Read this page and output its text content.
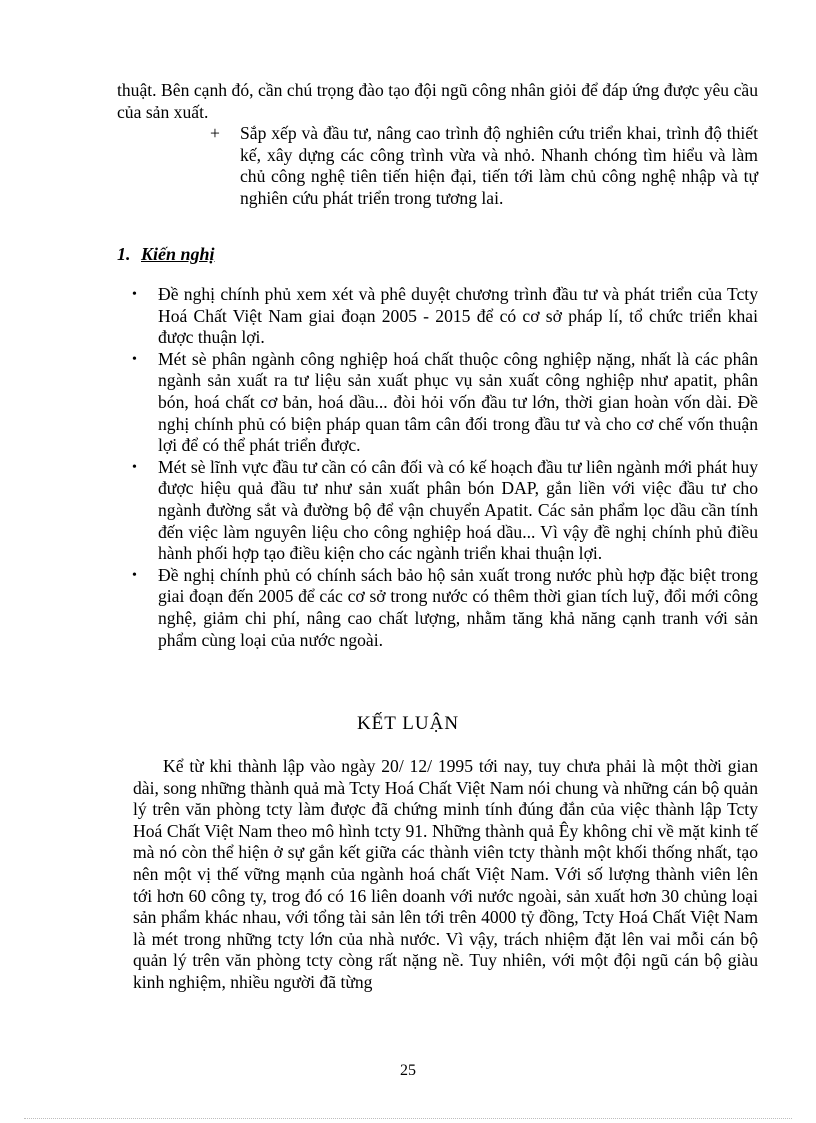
thuật. Bên cạnh đó, cần chú trọng đào tạo đội ngũ công nhân giỏi để đáp ứng được yêu cầu của sản xuất.

+ Sắp xếp và đầu tư, nâng cao trình độ nghiên cứu triển khai, trình độ thiết kế, xây dựng các công trình vừa và nhỏ. Nhanh chóng tìm hiểu và làm chủ công nghệ tiên tiến hiện đại, tiến tới làm chủ công nghệ nhập và tự nghiên cứu phát triển trong tương lai.

1. Kiến nghị
• Đề nghị chính phủ xem xét và phê duyệt chương trình đầu tư và phát triển của Tcty Hoá Chất Việt Nam giai đoạn 2005 - 2015 để có cơ sở pháp lí, tổ chức triển khai được thuận lợi.
• Mét sè phân ngành công nghiệp hoá chất thuộc công nghiệp nặng, nhất là các phân ngành sản xuất ra tư liệu sản xuất phục vụ sản xuất công nghiệp như apatit, phân bón, hoá chất cơ bản, hoá dầu... đòi hỏi vốn đầu tư lớn, thời gian hoàn vốn dài. Đề nghị chính phủ có biện pháp quan tâm cân đối trong đầu tư và cho cơ chế vốn thuận lợi để có thể phát triển được.
• Mét sè lĩnh vực đầu tư cần có cân đối và có kế hoạch đầu tư liên ngành mới phát huy được hiệu quả đầu tư như sản xuất phân bón DAP, gắn liền với việc đầu tư cho ngành đường sắt và đường bộ để vận chuyển Apatit. Các sản phẩm lọc dầu cần tính đến việc làm nguyên liệu cho công nghiệp hoá dầu... Vì vậy đề nghị chính phủ điều hành phối hợp tạo điều kiện cho các ngành triển khai thuận lợi.
• Đề nghị chính phủ có chính sách bảo hộ sản xuất trong nước phù hợp đặc biệt trong giai đoạn đến 2005 để các cơ sở trong nước có thêm thời gian tích luỹ, đổi mới công nghệ, giảm chi phí, nâng cao chất lượng, nhằm tăng khả năng cạnh tranh với sản phẩm cùng loại của nước ngoài.
KẾT LUẬN

Kể từ khi thành lập vào ngày 20/ 12/ 1995 tới nay, tuy chưa phải là một thời gian dài, song những thành quả mà Tcty Hoá Chất Việt Nam nói chung và những cán bộ quản lý trên văn phòng tcty làm được đã chứng minh tính đúng đắn của việc thành lập Tcty Hoá Chất Việt Nam theo mô hình tcty 91. Những thành quả Êy không chỉ về mặt kinh tế mà nó còn thể hiện ở sự gắn kết giữa các thành viên tcty thành một khối thống nhất, tạo nên một vị thế vững mạnh của ngành hoá chất Việt Nam. Với số lượng thành viên lên tới hơn 60 công ty, trog đó có 16 liên doanh với nước ngoài, sản xuất hơn 30 chủng loại sản phẩm khác nhau, với tổng tài sản lên tới trên 4000 tỷ đồng, Tcty Hoá Chất Việt Nam là mét trong những tcty lớn của nhà nước. Vì vậy, trách nhiệm đặt lên vai mỗi cán bộ quản lý trên văn phòng tcty còng rất nặng nề. Tuy nhiên, với một đội ngũ cán bộ giàu kinh nghiệm, nhiều người đã từng

25
